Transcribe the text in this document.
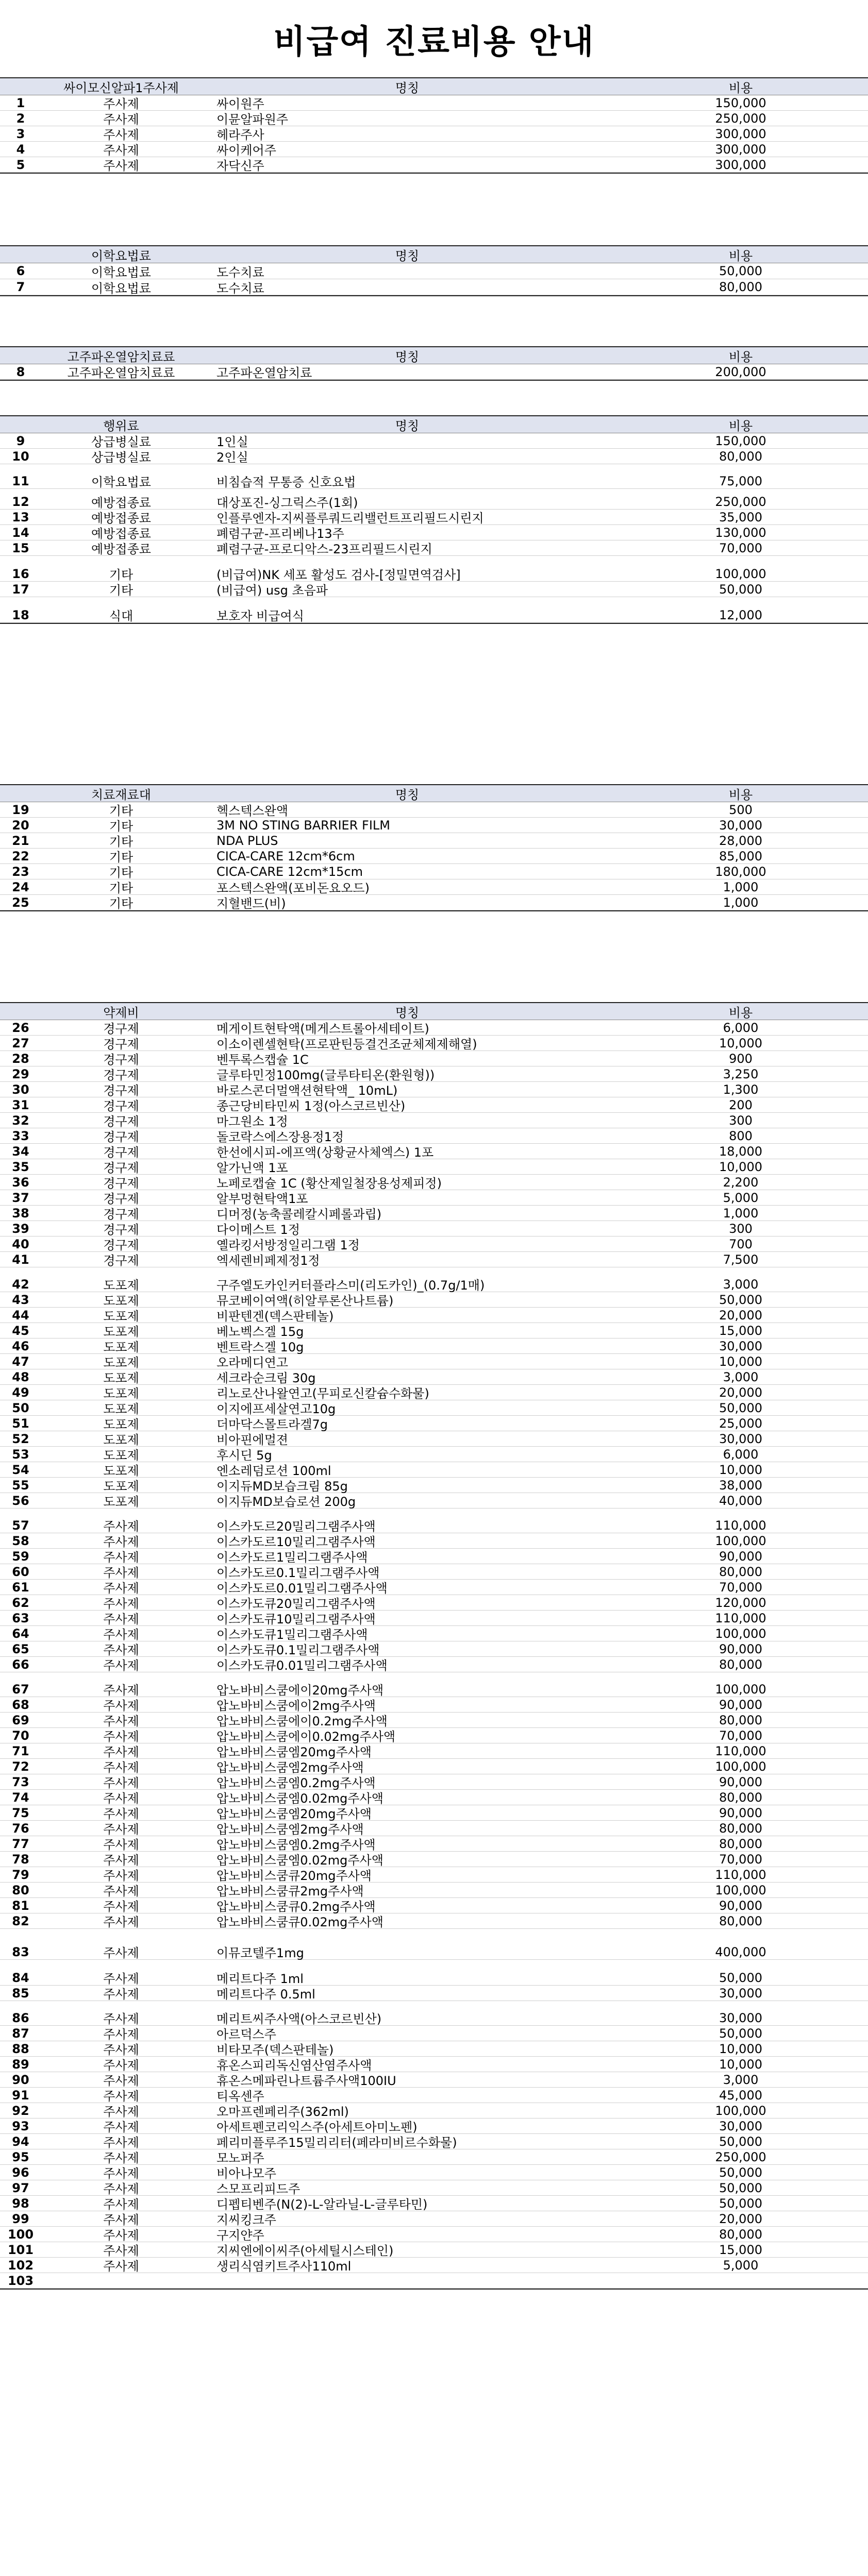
비급여 진료비용 안내
싸이모신알파1주사제	명칭	비용
1	주사제	싸이원주	150,000
2	주사제	이뮨알파원주	250,000
3	주사제	헤라주사	300,000
4	주사제	싸이케어주	300,000
5	주사제	자닥신주	300,000
이학요법료	명칭	비용
6	이학요법료	도수치료	50,000
7	이학요법료	도수치료	80,000
고주파온열암치료료	명칭	비용
8	고주파온열암치료료	고주파온열암치료	200,000
행위료	명칭	비용
9	상급병실료	1인실	150,000
10	상급병실료	2인실	80,000
11	이학요법료	비침습적 무통증 신호요법	75,000
12	예방접종료	대상포진-싱그릭스주(1회)	250,000
13	예방접종료	인플루엔자-지씨플루쿼드리밸런트프리필드시린지	35,000
14	예방접종료	폐렴구균-프리베나13주	130,000
15	예방접종료	폐렴구균-프로디악스-23프리필드시린지	70,000
16	기타	(비급여)NK 세포 활성도 검사-[정밀면역검사]	100,000
17	기타	(비급여) usg 초음파	50,000
18	식대	보호자 비급여식	12,000
치료재료대	명칭	비용
19	기타	헥스텍스완액	500
20	기타	3M NO STING BARRIER FILM	30,000
21	기타	NDA PLUS	28,000
22	기타	CICA-CARE 12cm*6cm	85,000
23	기타	CICA-CARE 12cm*15cm	180,000
24	기타	포스텍스완액(포비돈요오드)	1,000
25	기타	지혈밴드(비)	1,000
약제비	명칭	비용
26	경구제	메게이트현탁액(메게스트롤아세테이트)	6,000
27	경구제	이소이렌셀현탁(프로판틴등결건조균체제제해열)	10,000
28	경구제	벤투록스캡슐 1C	900
29	경구제	글루타민정100mg(글루타티온(환원형))	3,250
30	경구제	바로스콘더멀액션현탁액_ 10mL)	1,300
31	경구제	종근당비타민씨 1정(아스코르빈산)	200
32	경구제	마그원소 1정	300
33	경구제	돌코락스에스장용정1정	800
34	경구제	한선에시피-에프액(상황균사체엑스) 1포	18,000
35	경구제	알가닌액 1포	10,000
36	경구제	노페로캡슐 1C (황산제일철장용성제피정)	2,200
37	경구제	알부멍현탁액1포	5,000
38	경구제	디머정(농축콜레칼시페롤과립)	1,000
39	경구제	다이메스트 1정	300
40	경구제	옐라킹서방정일리그램 1정	700
41	경구제	엑세렌비페제정1정	7,500
42	도포제	구주엘도카인커터플라스미(리도카인)_(0.7g/1매)	3,000
43	도포제	뮤코베이여액(히알루론산나트륨)	50,000
44	도포제	비판텐겐(덱스판테놀)	20,000
45	도포제	베노벡스겔 15g	15,000
46	도포제	벤트락스겔 10g	30,000
47	도포제	오라메디연고	10,000
48	도포제	세크라순크림 30g	3,000
49	도포제	리노로산나왈연고(무피로신칼슘수화물)	20,000
50	도포제	이지에프세살연고10g	50,000
51	도포제	더마닥스몰트라겔7g	25,000
52	도포제	비아핀에멀젼	30,000
53	도포제	후시딘 5g	6,000
54	도포제	엔소레덤로션 100ml	10,000
55	도포제	이지듀MD보습크림 85g	38,000
56	도포제	이지듀MD보습로션 200g	40,000
57	주사제	이스카도르20밀리그램주사액	110,000
58	주사제	이스카도르10밀리그램주사액	100,000
59	주사제	이스카도르1밀리그램주사액	90,000
60	주사제	이스카도르0.1밀리그램주사액	80,000
61	주사제	이스카도르0.01밀리그램주사액	70,000
62	주사제	이스카도큐20밀리그램주사액	120,000
63	주사제	이스카도큐10밀리그램주사액	110,000
64	주사제	이스카도큐1밀리그램주사액	100,000
65	주사제	이스카도큐0.1밀리그램주사액	90,000
66	주사제	이스카도큐0.01밀리그램주사액	80,000
67	주사제	압노바비스쿰에이20mg주사액	100,000
68	주사제	압노바비스쿰에이2mg주사액	90,000
69	주사제	압노바비스쿰에이0.2mg주사액	80,000
70	주사제	압노바비스쿰에이0.02mg주사액	70,000
71	주사제	압노바비스쿰엠20mg주사액	110,000
72	주사제	압노바비스쿰엠2mg주사액	100,000
73	주사제	압노바비스쿰엠0.2mg주사액	90,000
74	주사제	압노바비스쿰엠0.02mg주사액	80,000
75	주사제	압노바비스쿰엠20mg주사액	90,000
76	주사제	압노바비스쿰엠2mg주사액	80,000
77	주사제	압노바비스쿰엠0.2mg주사액	80,000
78	주사제	압노바비스쿰엠0.02mg주사액	70,000
79	주사제	압노바비스쿰큐20mg주사액	110,000
80	주사제	압노바비스쿰큐2mg주사액	100,000
81	주사제	압노바비스쿰큐0.2mg주사액	90,000
82	주사제	압노바비스쿰큐0.02mg주사액	80,000
83	주사제	이뮤코텔주1mg	400,000
84	주사제	메리트다주 1ml	50,000
85	주사제	메리트다주 0.5ml	30,000
86	주사제	메리트씨주사액(아스코르빈산)	30,000
87	주사제	아르덕스주	50,000
88	주사제	비타모주(덱스판테놀)	10,000
89	주사제	휴온스피리독신염산염주사액	10,000
90	주사제	휴온스메파린나트륨주사액100IU	3,000
91	주사제	티옥센주	45,000
92	주사제	오마프렌페리주(362ml)	100,000
93	주사제	아세트펜코리익스주(아세트아미노펜)	30,000
94	주사제	페리미플루주15밀리리터(페라미비르수화물)	50,000
95	주사제	모노퍼주	250,000
96	주사제	비아나모주	50,000
97	주사제	스모프리피드주	50,000
98	주사제	디펩티벤주(N(2)-L-알라닐-L-글루타민)	50,000
99	주사제	지씨킹크주	20,000
100	주사제	구지얀주	80,000
101	주사제	지씨엔에이씨주(아세틸시스테인)	15,000
102	주사제	생리식염키트주사110ml	5,000
103
